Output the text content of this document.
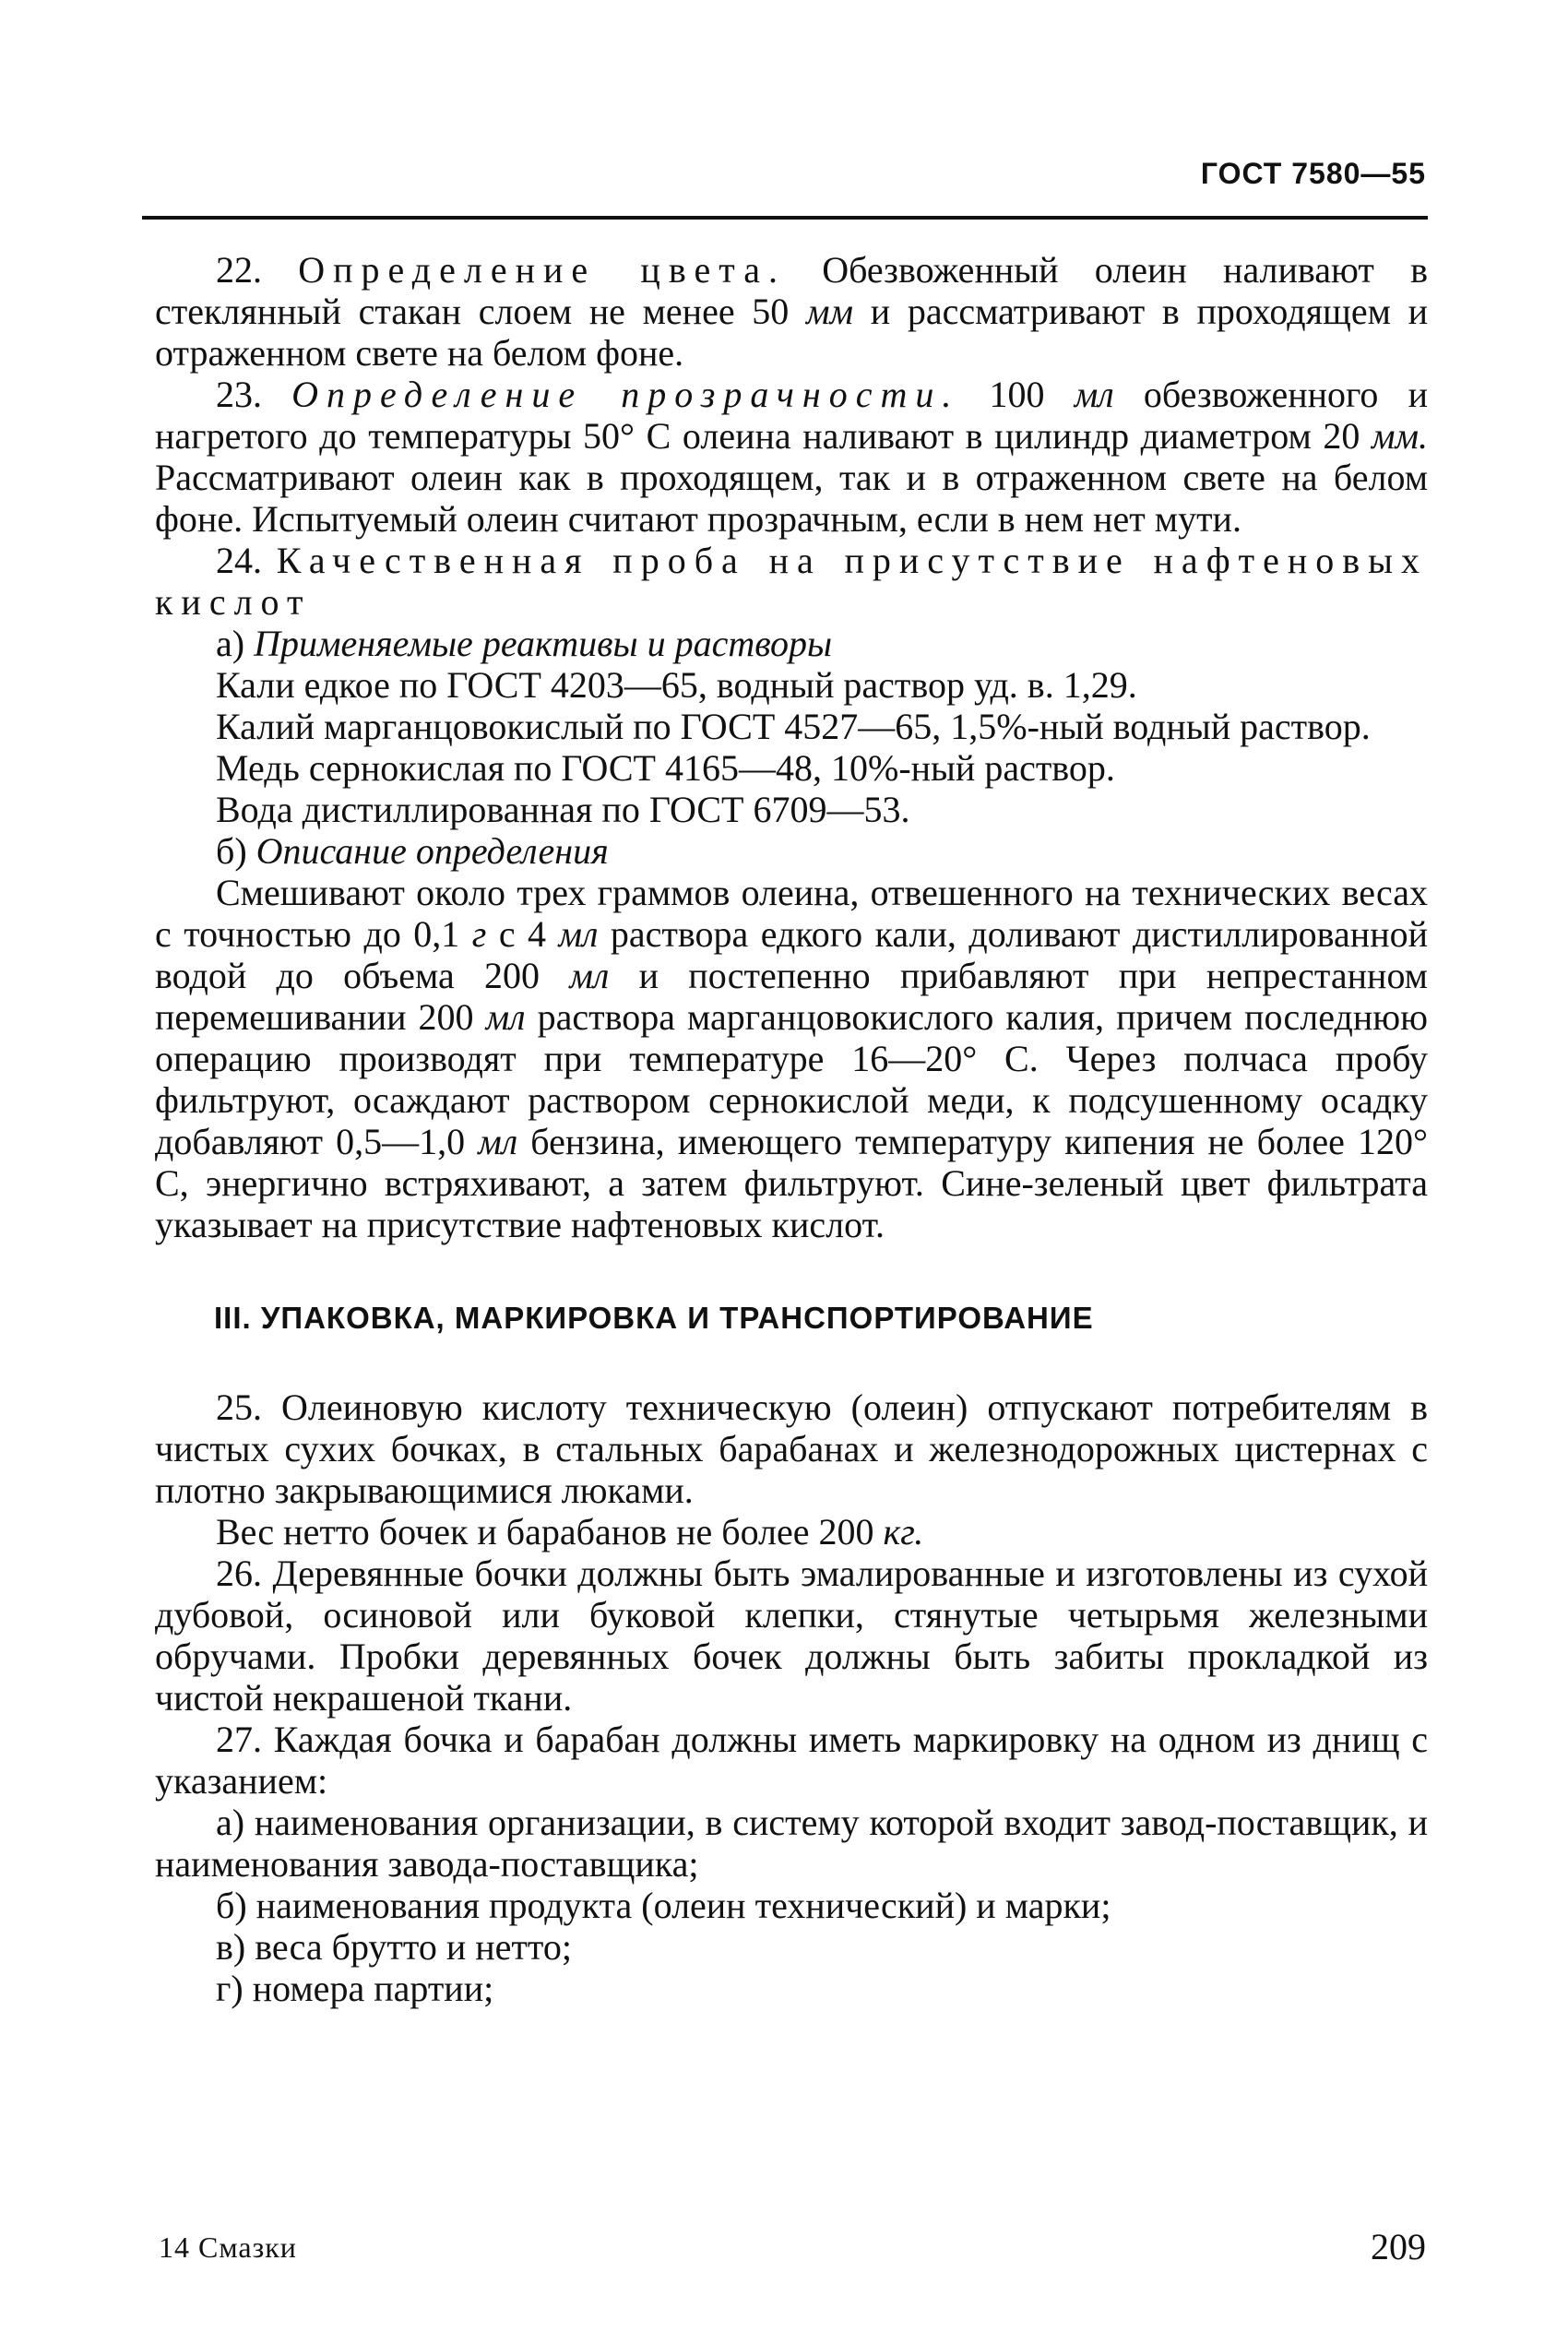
ГОСТ 7580—55

22. Определение цвета. Обезвоженный олеин наливают в стеклянный стакан слоем не менее 50 мм и рассматривают в проходящем и отраженном свете на белом фоне.

23. Определение прозрачности. 100 мл обезвоженного и нагретого до температуры 50° С олеина наливают в цилиндр диаметром 20 мм. Рассматривают олеин как в проходящем, так и в отраженном свете на белом фоне. Испытуемый олеин считают прозрачным, если в нем нет мути.

24. Качественная проба на присутствие нафтеновых кислот

а) Применяемые реактивы и растворы

Кали едкое по ГОСТ 4203—65, водный раствор уд. в. 1,29.

Калий марганцовокислый по ГОСТ 4527—65, 1,5%-ный водный раствор.

Медь сернокислая по ГОСТ 4165—48, 10%-ный раствор.

Вода дистиллированная по ГОСТ 6709—53.

б) Описание определения

Смешивают около трех граммов олеина, отвешенного на технических весах с точностью до 0,1 г с 4 мл раствора едкого кали, доливают дистиллированной водой до объема 200 мл и постепенно прибавляют при непрестанном перемешивании 200 мл раствора марганцовокислого калия, причем последнюю операцию производят при температуре 16—20° С. Через полчаса пробу фильтруют, осаждают раствором сернокислой меди, к подсушенному осадку добавляют 0,5—1,0 мл бензина, имеющего температуру кипения не более 120° С, энергично встряхивают, а затем фильтруют. Сине-зеленый цвет фильтрата указывает на присутствие нафтеновых кислот.

III. УПАКОВКА, МАРКИРОВКА И ТРАНСПОРТИРОВАНИЕ

25. Олеиновую кислоту техническую (олеин) отпускают потребителям в чистых сухих бочках, в стальных барабанах и железнодорожных цистернах с плотно закрывающимися люками.

Вес нетто бочек и барабанов не более 200 кг.

26. Деревянные бочки должны быть эмалированные и изготовлены из сухой дубовой, осиновой или буковой клепки, стянутые четырьмя железными обручами. Пробки деревянных бочек должны быть забиты прокладкой из чистой некрашеной ткани.

27. Каждая бочка и барабан должны иметь маркировку на одном из днищ с указанием:

а) наименования организации, в систему которой входит завод-поставщик, и наименования завода-поставщика;

б) наименования продукта (олеин технический) и марки;

в) веса брутто и нетто;

г) номера партии;

14 Смазки	209
